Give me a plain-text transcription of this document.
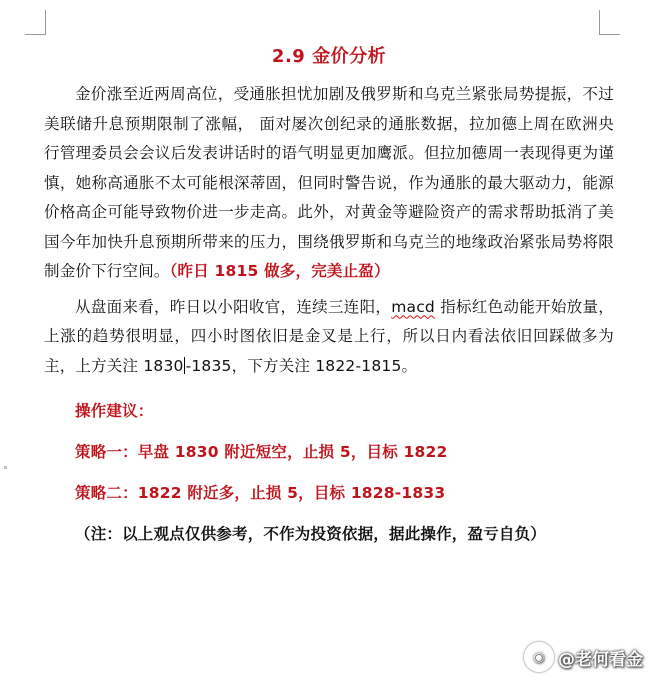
2.9 金价分析

金价涨至近两周高位，受通胀担忧加剧及俄罗斯和乌克兰紧张局势提振，不过美联储升息预期限制了涨幅， 面对屡次创纪录的通胀数据，拉加德上周在欧洲央行管理委员会会议后发表讲话时的语气明显更加鹰派。但拉加德周一表现得更为谨慎，她称高通胀不太可能根深蒂固，但同时警告说，作为通胀的最大驱动力，能源价格高企可能导致物价进一步走高。此外，对黄金等避险资产的需求帮助抵消了美国今年加快升息预期所带来的压力，围绕俄罗斯和乌克兰的地缘政治紧张局势将限制金价下行空间。（昨日 1815 做多，完美止盈）

从盘面来看，昨日以小阳收官，连续三连阳，macd 指标红色动能开始放量，上涨的趋势很明显，四小时图依旧是金叉是上行，所以日内看法依旧回踩做多为主，上方关注 1830 -1835，下方关注 1822-1815。

操作建议：

策略一：早盘 1830 附近短空，止损 5，目标 1822

策略二：1822 附近多，止损 5，目标 1828-1833

（注：以上观点仅供参考，不作为投资依据，据此操作，盈亏自负）

◉ @老何看金
